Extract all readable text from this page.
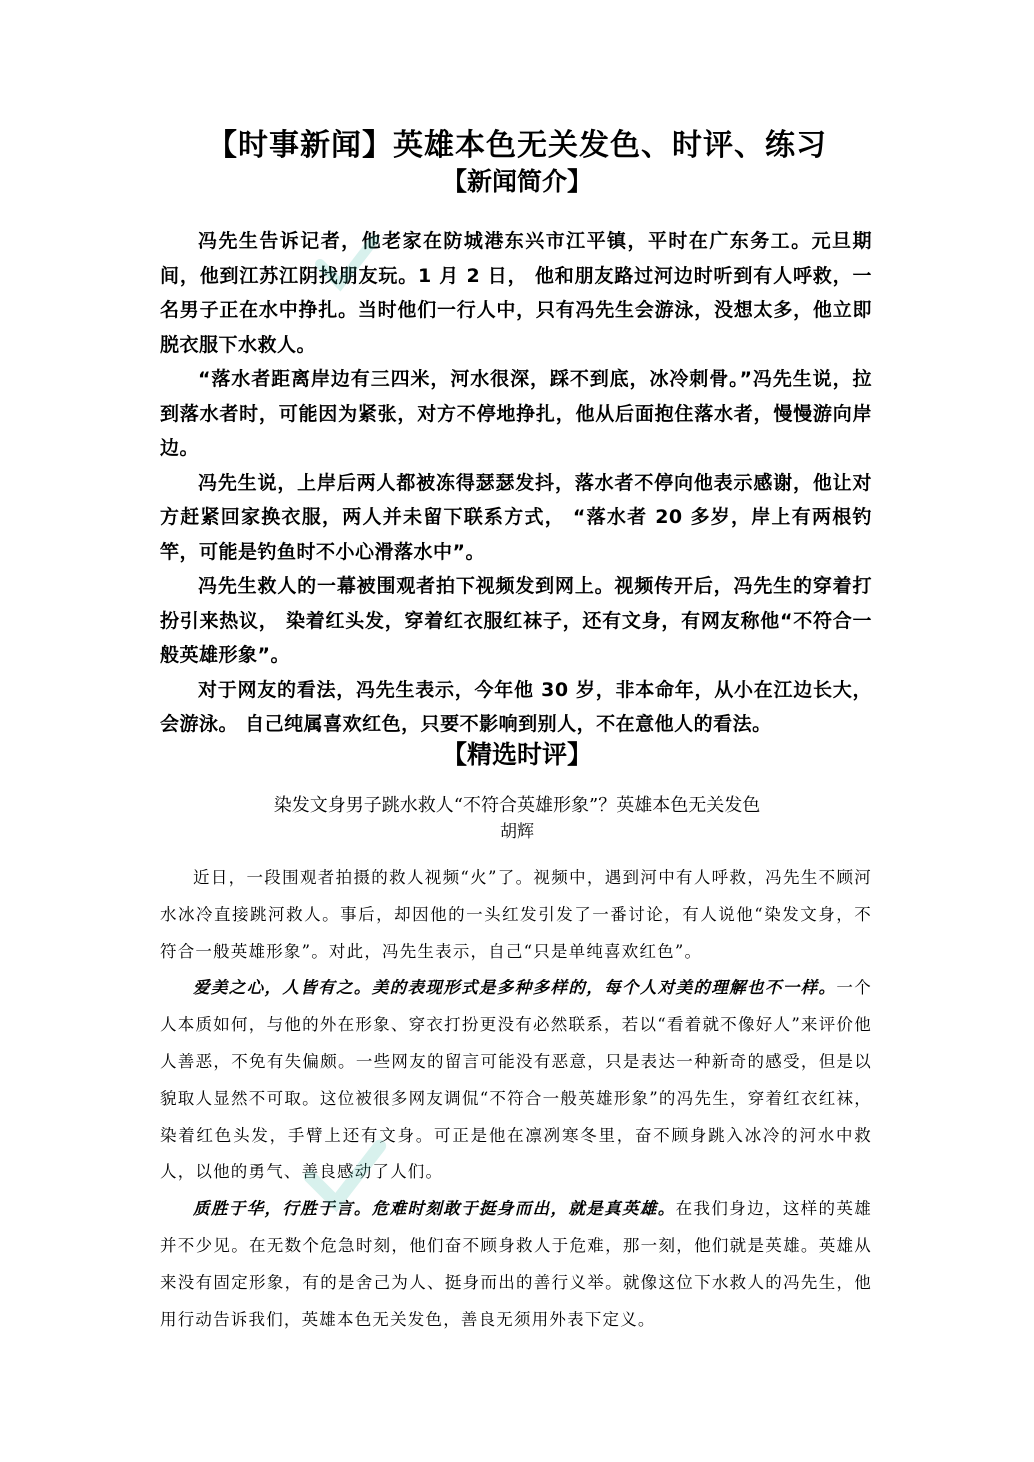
【时事新闻】英雄本色无关发色、时评、练习
【新闻简介】

冯先生告诉记者，他老家在防城港东兴市江平镇，平时在广东务工。元旦期间，他到江苏江阴找朋友玩。1 月 2 日， 他和朋友路过河边时听到有人呼救，一名男子正在水中挣扎。当时他们一行人中，只有冯先生会游泳，没想太多，他立即脱衣服下水救人。

“落水者距离岸边有三四米，河水很深，踩不到底，冰冷刺骨。”冯先生说，拉到落水者时，可能因为紧张，对方不停地挣扎，他从后面抱住落水者，慢慢游向岸边。

冯先生说，上岸后两人都被冻得瑟瑟发抖，落水者不停向他表示感谢，他让对方赶紧回家换衣服，两人并未留下联系方式， “落水者 20 多岁，岸上有两根钓竿，可能是钓鱼时不小心滑落水中”。

冯先生救人的一幕被围观者拍下视频发到网上。视频传开后，冯先生的穿着打扮引来热议， 染着红头发，穿着红衣服红袜子，还有文身，有网友称他“不符合一般英雄形象”。

对于网友的看法，冯先生表示，今年他 30 岁，非本命年，从小在江边长大，会游泳。 自己纯属喜欢红色，只要不影响到别人，不在意他人的看法。

【精选时评】
染发文身男子跳水救人“不符合英雄形象”？英雄本色无关发色
胡辉

近日，一段围观者拍摄的救人视频“火”了。视频中，遇到河中有人呼救，冯先生不顾河水冰冷直接跳河救人。事后，却因他的一头红发引发了一番讨论，有人说他“染发文身，不符合一般英雄形象”。对此，冯先生表示，自己“只是单纯喜欢红色”。

爱美之心，人皆有之。美的表现形式是多种多样的，每个人对美的理解也不一样。一个人本质如何，与他的外在形象、穿衣打扮更没有必然联系，若以“看着就不像好人”来评价他人善恶，不免有失偏颇。一些网友的留言可能没有恶意，只是表达一种新奇的感受，但是以貌取人显然不可取。这位被很多网友调侃“不符合一般英雄形象”的冯先生，穿着红衣红袜，染着红色头发，手臂上还有文身。可正是他在凛冽寒冬里，奋不顾身跳入冰冷的河水中救人，以他的勇气、善良感动了人们。

质胜于华，行胜于言。危难时刻敢于挺身而出，就是真英雄。在我们身边，这样的英雄并不少见。在无数个危急时刻，他们奋不顾身救人于危难，那一刻，他们就是英雄。英雄从来没有固定形象，有的是舍己为人、挺身而出的善行义举。就像这位下水救人的冯先生，他用行动告诉我们，英雄本色无关发色，善良无须用外表下定义。
